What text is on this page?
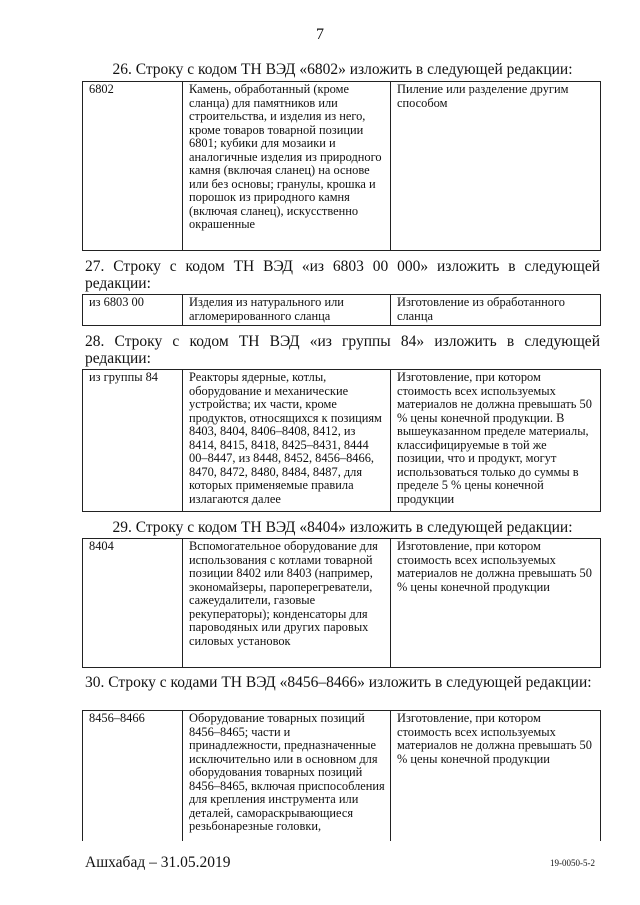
7
26. Строку с кодом ТН ВЭД «6802» изложить в следующей редакции:
6802	Камень, обработанный (кроме сланца) для памятников или строительства, и изделия из него, кроме товаров товарной позиции 6801; кубики для мозаики и аналогичные изделия из природного камня (включая сланец) на основе или без основы; гранулы, крошка и порошок из природного камня (включая сланец), искусственно окрашенные	Пиление или разделение другим способом
27. Строку с кодом ТН ВЭД «из 6803 00 000» изложить в следующей редакции:
из 6803 00	Изделия из натурального или агломерированного сланца	Изготовление из обработанного сланца
28. Строку с кодом ТН ВЭД «из группы 84» изложить в следующей редакции:
из группы 84	Реакторы ядерные, котлы, оборудование и механические устройства; их части, кроме продуктов, относящихся к позициям 8403, 8404, 8406–8408, 8412, из 8414, 8415, 8418, 8425–8431, 8444 00–8447, из 8448, 8452, 8456–8466, 8470, 8472, 8480, 8484, 8487, для которых применяемые правила излагаются далее	Изготовление, при котором стоимость всех используемых материалов не должна превышать 50 % цены конечной продукции. В вышеуказанном пределе материалы, классифицируемые в той же позиции, что и продукт, могут использоваться только до суммы в пределе 5 % цены конечной продукции
29. Строку с кодом ТН ВЭД «8404» изложить в следующей редакции:
8404	Вспомогательное оборудование для использования с котлами товарной позиции 8402 или 8403 (например, экономайзеры, пароперегреватели, сажеудалители, газовые рекуператоры); конденсаторы для пароводяных или других паровых силовых установок	Изготовление, при котором стоимость всех используемых материалов не должна превышать 50 % цены конечной продукции
30. Строку с кодами ТН ВЭД «8456–8466» изложить в следующей редакции:
8456–8466	Оборудование товарных позиций 8456–8465; части и принадлежности, предназначенные исключительно или в основном для оборудования товарных позиций 8456–8465, включая приспособления для крепления инструмента или деталей, самораскрывающиеся резьбонарезные головки,	Изготовление, при котором стоимость всех используемых материалов не должна превышать 50 % цены конечной продукции
Ашхабад – 31.05.2019	19-0050-5-2
